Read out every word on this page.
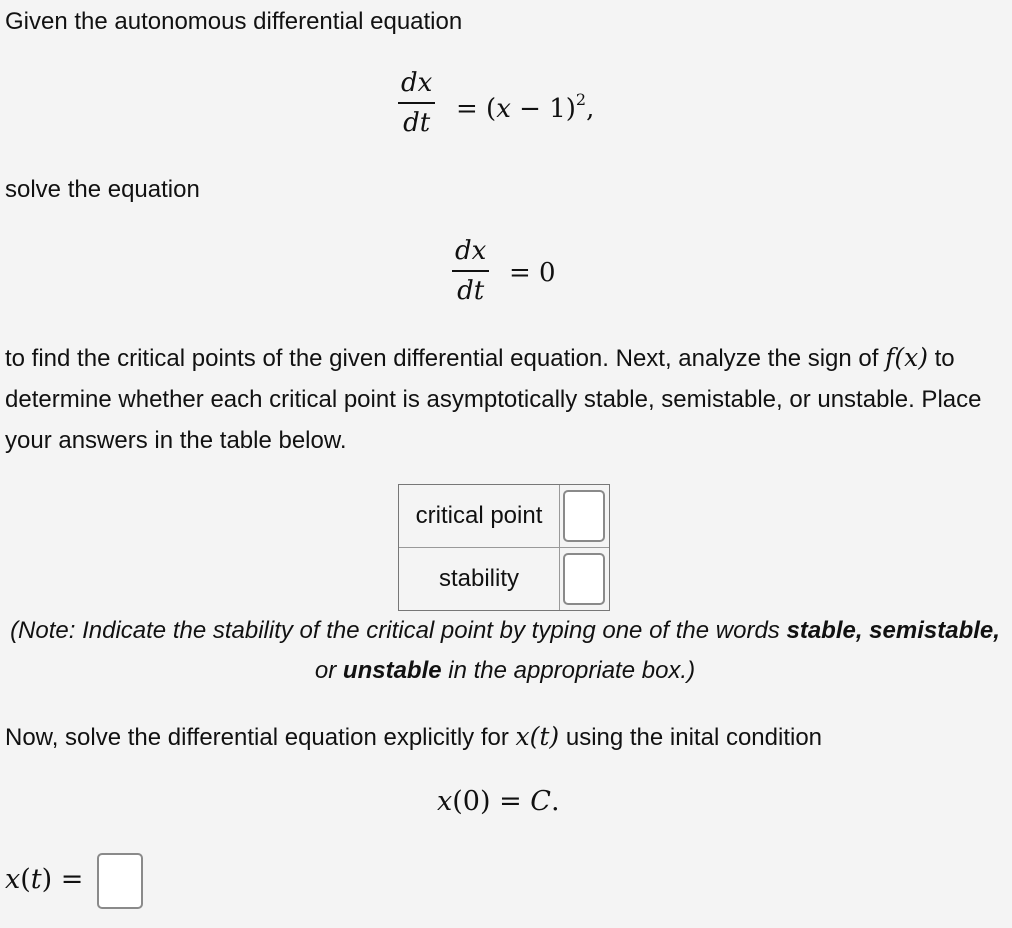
Given the autonomous differential equation
dx
dt = $(x - 1)^2$,
solve the equation
dx
dt
= 0
to find the critical points of the given differential equation. Next, analyze the sign of f(x) to determine whether each critical point is asymptotically stable, semistable, or unstable. Place your answers in the table below.
critical point
stability
(Note: Indicate the stability of the critical point by typing one of the words stable, semistable, or unstable in the appropriate box.)
Now, solve the differential equation explicitly for x(t) using the inital condition
x(0) = C.
x(t) =
